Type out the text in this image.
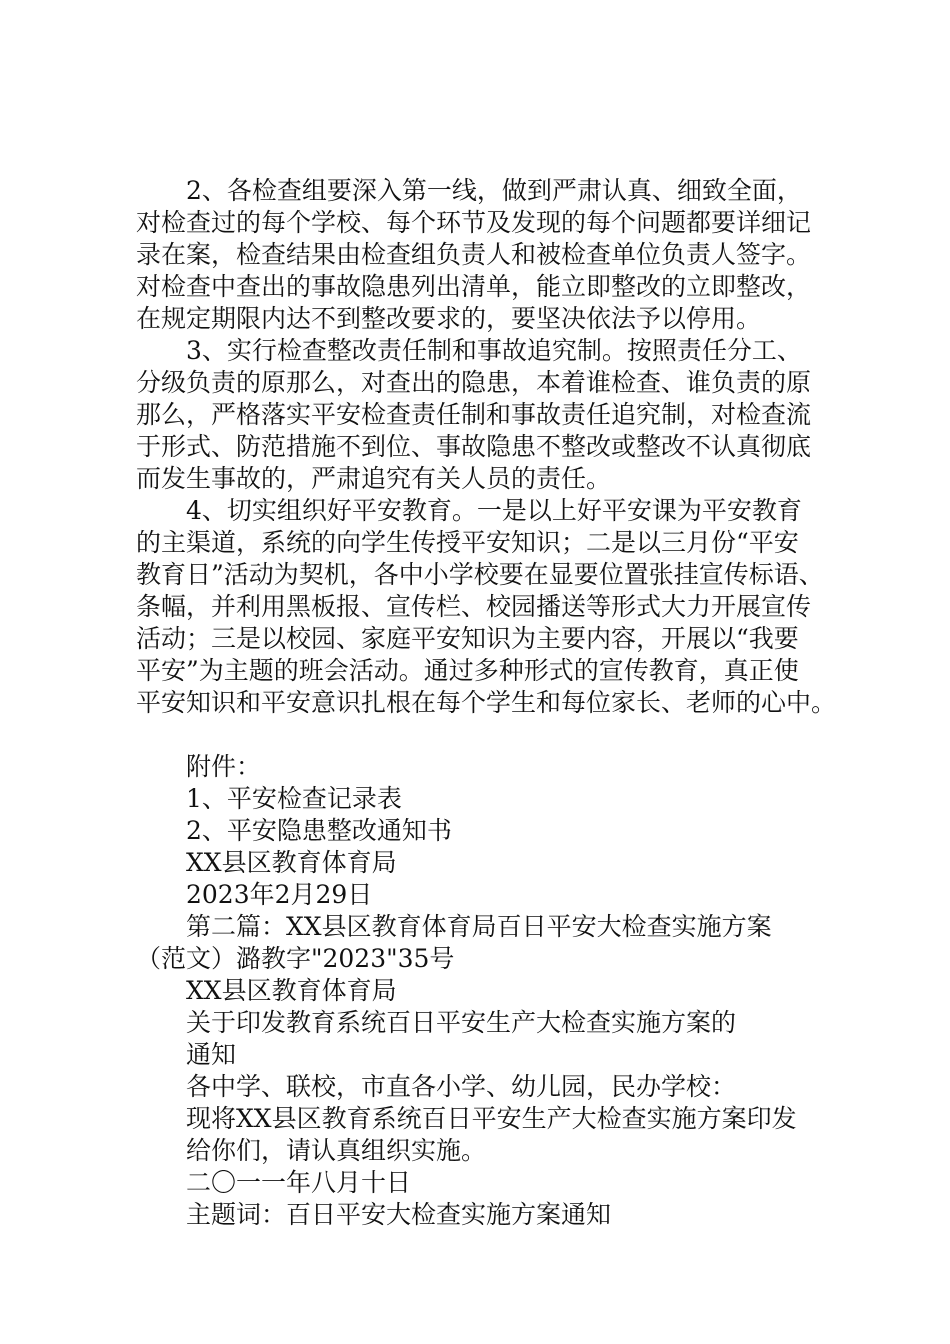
2、各检查组要深入第一线，做到严肃认真、细致全面，
对检查过的每个学校、每个环节及发现的每个问题都要详细记
录在案，检查结果由检查组负责人和被检查单位负责人签字。
对检查中查出的事故隐患列出清单，能立即整改的立即整改，
在规定期限内达不到整改要求的，要坚决依法予以停用。
3、实行检查整改责任制和事故追究制。按照责任分工、
分级负责的原那么，对查出的隐患，本着谁检查、谁负责的原
那么，严格落实平安检查责任制和事故责任追究制，对检查流
于形式、防范措施不到位、事故隐患不整改或整改不认真彻底
而发生事故的，严肃追究有关人员的责任。
4、切实组织好平安教育。一是以上好平安课为平安教育
的主渠道，系统的向学生传授平安知识；二是以三月份“平安
教育日”活动为契机，各中小学校要在显要位置张挂宣传标语、
条幅，并利用黑板报、宣传栏、校园播送等形式大力开展宣传
活动；三是以校园、家庭平安知识为主要内容，开展以“我要
平安”为主题的班会活动。通过多种形式的宣传教育，真正使
平安知识和平安意识扎根在每个学生和每位家长、老师的心中。
附件：
1、平安检查记录表
2、平安隐患整改通知书
XX县区教育体育局
2023年2月29日
第二篇：XX县区教育体育局百日平安大检查实施方案
（范文）潞教字"2023"35号
XX县区教育体育局
关于印发教育系统百日平安生产大检查实施方案的
通知
各中学、联校，市直各小学、幼儿园，民办学校：
现将XX县区教育系统百日平安生产大检查实施方案印发
给你们，请认真组织实施。
二〇一一年八月十日
主题词：百日平安大检查实施方案通知
